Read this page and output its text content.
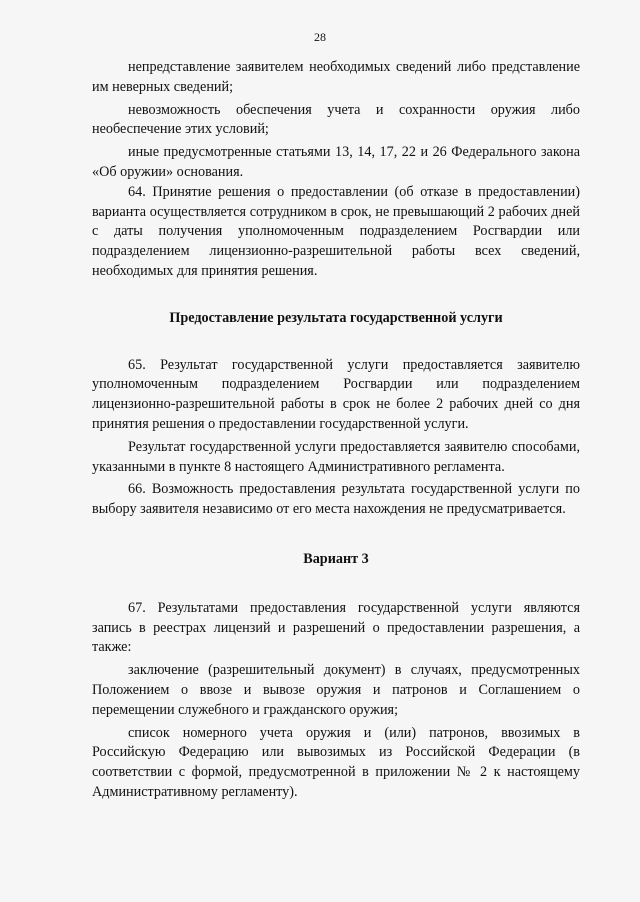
28

непредставление заявителем необходимых сведений либо представление им неверных сведений;

невозможность обеспечения учета и сохранности оружия либо необеспечение этих условий;

иные предусмотренные статьями 13, 14, 17, 22 и 26 Федерального закона «Об оружии» основания.

64. Принятие решения о предоставлении (об отказе в предоставлении) варианта осуществляется сотрудником в срок, не превышающий 2 рабочих дней с даты получения уполномоченным подразделением Росгвардии или подразделением лицензионно-разрешительной работы всех сведений, необходимых для принятия решения.

Предоставление результата государственной услуги

65. Результат государственной услуги предоставляется заявителю уполномоченным подразделением Росгвардии или подразделением лицензионно-разрешительной работы в срок не более 2 рабочих дней со дня принятия решения о предоставлении государственной услуги.

Результат государственной услуги предоставляется заявителю способами, указанными в пункте 8 настоящего Административного регламента.

66. Возможность предоставления результата государственной услуги по выбору заявителя независимо от его места нахождения не предусматривается.

Вариант 3

67. Результатами предоставления государственной услуги являются запись в реестрах лицензий и разрешений о предоставлении разрешения, а также:

заключение (разрешительный документ) в случаях, предусмотренных Положением о ввозе и вывозе оружия и патронов и Соглашением о перемещении служебного и гражданского оружия;

список номерного учета оружия и (или) патронов, ввозимых в Российскую Федерацию или вывозимых из Российской Федерации (в соответствии с формой, предусмотренной в приложении № 2 к настоящему Административному регламенту).
